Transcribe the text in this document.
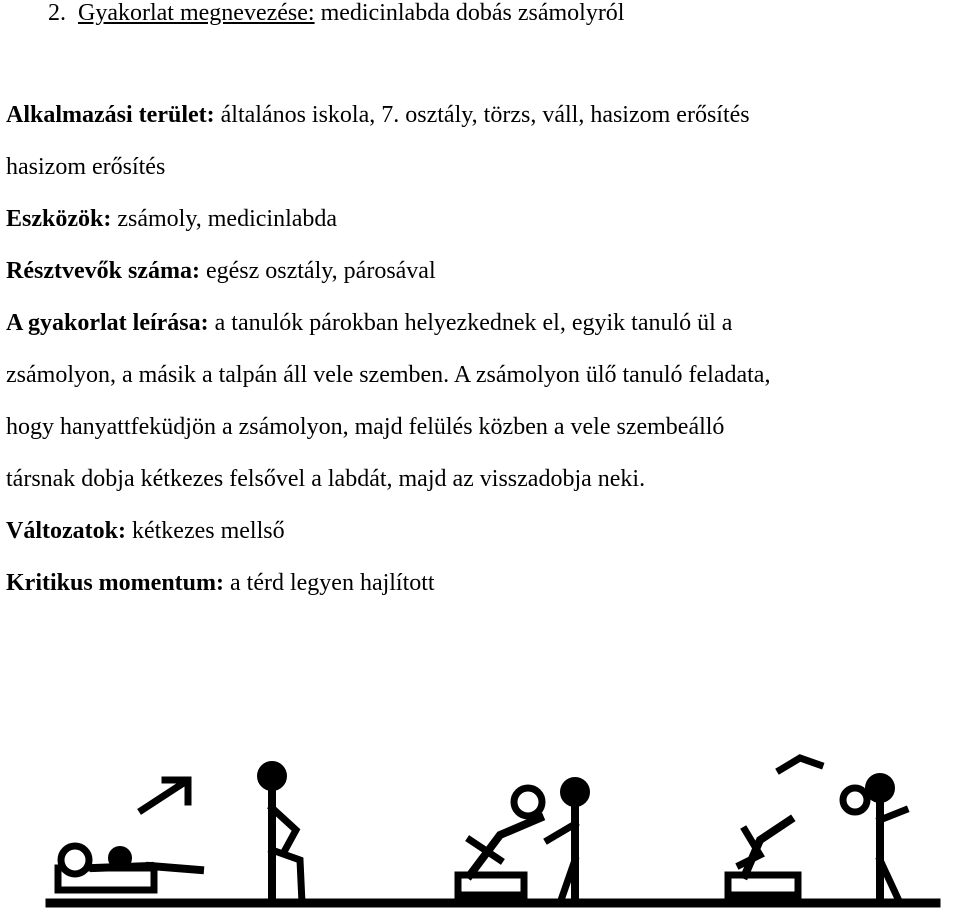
2. Gyakorlat megnevezése: medicinlabda dobás zsámolyról
Alkalmazási terület: általános iskola, 7. osztály, törzs, váll, hasizom erősítés
hasizom erősítés
Eszközök: zsámoly, medicinlabda
Résztvevők száma: egész osztály, párosával
A gyakorlat leírása: a tanulók párokban helyezkednek el, egyik tanuló ül a
zsámolyon, a másik a talpán áll vele szemben. A zsámolyon ülő tanuló feladata,
hogy hanyattfeküdjön a zsámolyon, majd felülés közben a vele szembeálló
társnak dobja kétkezes felsővel a labdát, majd az visszadobja neki.
Változatok: kétkezes mellső
Kritikus momentum: a térd legyen hajlított
